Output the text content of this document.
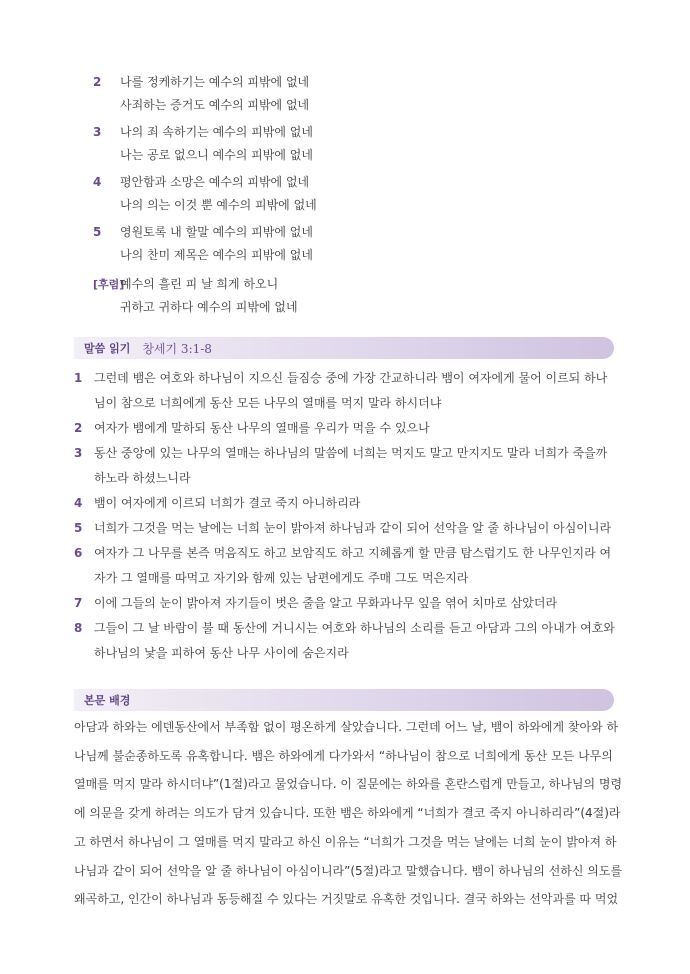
2	나를 정케하기는 예수의 피밖에 없네
사죄하는 증거도 예수의 피밖에 없네
3	나의 죄 속하기는 예수의 피밖에 없네
나는 공로 없으니 예수의 피밖에 없네
4	평안함과 소망은 예수의 피밖에 없네
나의 의는 이것 뿐 예수의 피밖에 없네
5	영원토록 내 할말 예수의 피밖에 없네
나의 찬미 제목은 예수의 피밖에 없네
[후렴]
예수의 흘린 피 날 희게 하오니
귀하고 귀하다 예수의 피밖에 없네
말씀 읽기 창세기 3:1-8
1 그런데 뱀은 여호와 하나님이 지으신 들짐승 중에 가장 간교하니라 뱀이 여자에게 물어 이르되 하나
님이 참으로 너희에게 동산 모든 나무의 열매를 먹지 말라 하시더냐
2 여자가 뱀에게 말하되 동산 나무의 열매를 우리가 먹을 수 있으나
3 동산 중앙에 있는 나무의 열매는 하나님의 말씀에 너희는 먹지도 말고 만지지도 말라 너희가 죽을까
하노라 하셨느니라
4 뱀이 여자에게 이르되 너희가 결코 죽지 아니하리라
5 너희가 그것을 먹는 날에는 너희 눈이 밝아져 하나님과 같이 되어 선악을 알 줄 하나님이 아심이니라
6 여자가 그 나무를 본즉 먹음직도 하고 보암직도 하고 지혜롭게 할 만큼 탐스럽기도 한 나무인지라 여
자가 그 열매를 따먹고 자기와 함께 있는 남편에게도 주매 그도 먹은지라
7 이에 그들의 눈이 밝아져 자기들이 벗은 줄을 알고 무화과나무 잎을 엮어 치마로 삼았더라
8 그들이 그 날 바람이 불 때 동산에 거니시는 여호와 하나님의 소리를 듣고 아담과 그의 아내가 여호와
하나님의 낯을 피하여 동산 나무 사이에 숨은지라
본문 배경
아담과 하와는 에덴동산에서 부족함 없이 평온하게 살았습니다. 그런데 어느 날, 뱀이 하와에게 찾아와 하
나님께 불순종하도록 유혹합니다. 뱀은 하와에게 다가와서 “하나님이 참으로 너희에게 동산 모든 나무의
열매를 먹지 말라 하시더냐”(1절)라고 물었습니다. 이 질문에는 하와를 혼란스럽게 만들고, 하나님의 명령
에 의문을 갖게 하려는 의도가 담겨 있습니다. 또한 뱀은 하와에게 “너희가 결코 죽지 아니하리라”(4절)라
고 하면서 하나님이 그 열매를 먹지 말라고 하신 이유는 “너희가 그것을 먹는 날에는 너희 눈이 밝아져 하
나님과 같이 되어 선악을 알 줄 하나님이 아심이니라”(5절)라고 말했습니다. 뱀이 하나님의 선하신 의도를
왜곡하고, 인간이 하나님과 동등해질 수 있다는 거짓말로 유혹한 것입니다. 결국 하와는 선악과를 따 먹었
